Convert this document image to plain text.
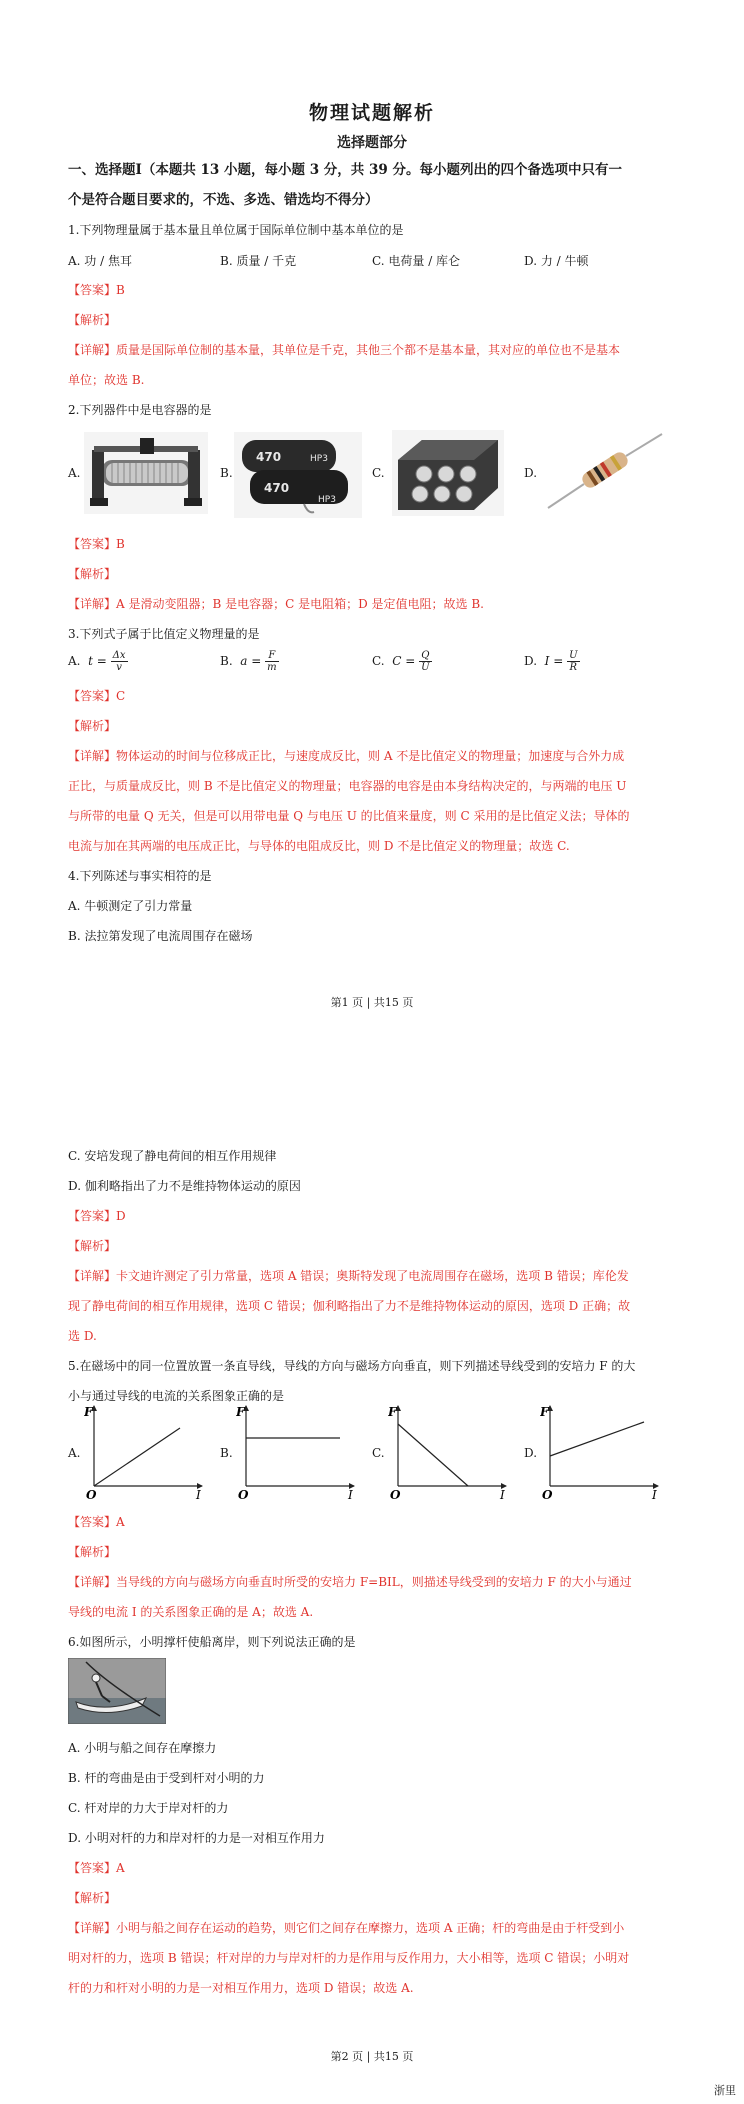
物理试题解析
选择题部分
一、选择题Ⅰ（本题共 13 小题，每小题 3 分，共 39 分。每小题列出的四个备选项中只有一
个是符合题目要求的，不选、多选、错选均不得分）
1.下列物理量属于基本量且单位属于国际单位制中基本单位的是
A. 功 / 焦耳	B. 质量 / 千克	C. 电荷量 / 库仑	D. 力 / 牛顿
【答案】B
【解析】
【详解】质量是国际单位制的基本量，其单位是千克，其他三个都不是基本量，其对应的单位也不是基本
单位；故选 B.
2.下列器件中是电容器的是
A.	B.	C.	D.
470
470
HP3
HP3
【答案】B
【解析】
【详解】A 是滑动变阻器；B 是电容器；C 是电阻箱；D 是定值电阻；故选 B.
3.下列式子属于比值定义物理量的是
A. $t = \frac{\Delta x}{v}$	B. $a = \frac{F}{m}$	C. $C = \frac{Q}{U}$	D. $I = \frac{U}{R}$
【答案】C
【解析】
【详解】物体运动的时间与位移成正比，与速度成反比，则 A 不是比值定义的物理量；加速度与合外力成
正比，与质量成反比，则 B 不是比值定义的物理量；电容器的电容是由本身结构决定的，与两端的电压 U
与所带的电量 Q 无关，但是可以用带电量 Q 与电压 U 的比值来量度，则 C 采用的是比值定义法；导体的
电流与加在其两端的电压成正比，与导体的电阻成反比，则 D 不是比值定义的物理量；故选 C.
4.下列陈述与事实相符的是
A. 牛顿测定了引力常量
B. 法拉第发现了电流周围存在磁场
第1 页 | 共15 页
C. 安培发现了静电荷间的相互作用规律
D. 伽利略指出了力不是维持物体运动的原因
【答案】D
【解析】
【详解】卡文迪许测定了引力常量，选项 A 错误；奥斯特发现了电流周围存在磁场，选项 B 错误；库伦发
现了静电荷间的相互作用规律，选项 C 错误；伽利略指出了力不是维持物体运动的原因，选项 D 正确；故
选 D.
5.在磁场中的同一位置放置一条直导线，导线的方向与磁场方向垂直，则下列描述导线受到的安培力 F 的大
小与通过导线的电流的关系图象正确的是
A.	B.	C.	D.
F
O	I
F
O	I
F
O	I
F
O	I
【答案】A
【解析】
【详解】当导线的方向与磁场方向垂直时所受的安培力 F=BIL，则描述导线受到的安培力 F 的大小与通过
导线的电流 I 的关系图象正确的是 A；故选 A.
6.如图所示，小明撑杆使船离岸，则下列说法正确的是
A. 小明与船之间存在摩擦力
B. 杆的弯曲是由于受到杆对小明的力
C. 杆对岸的力大于岸对杆的力
D. 小明对杆的力和岸对杆的力是一对相互作用力
【答案】A
【解析】
【详解】小明与船之间存在运动的趋势，则它们之间存在摩擦力，选项 A 正确；杆的弯曲是由于杆受到小
明对杆的力，选项 B 错误；杆对岸的力与岸对杆的力是作用与反作用力，大小相等，选项 C 错误；小明对
杆的力和杆对小明的力是一对相互作用力，选项 D 错误；故选 A.
第2 页 | 共15 页
浙里
